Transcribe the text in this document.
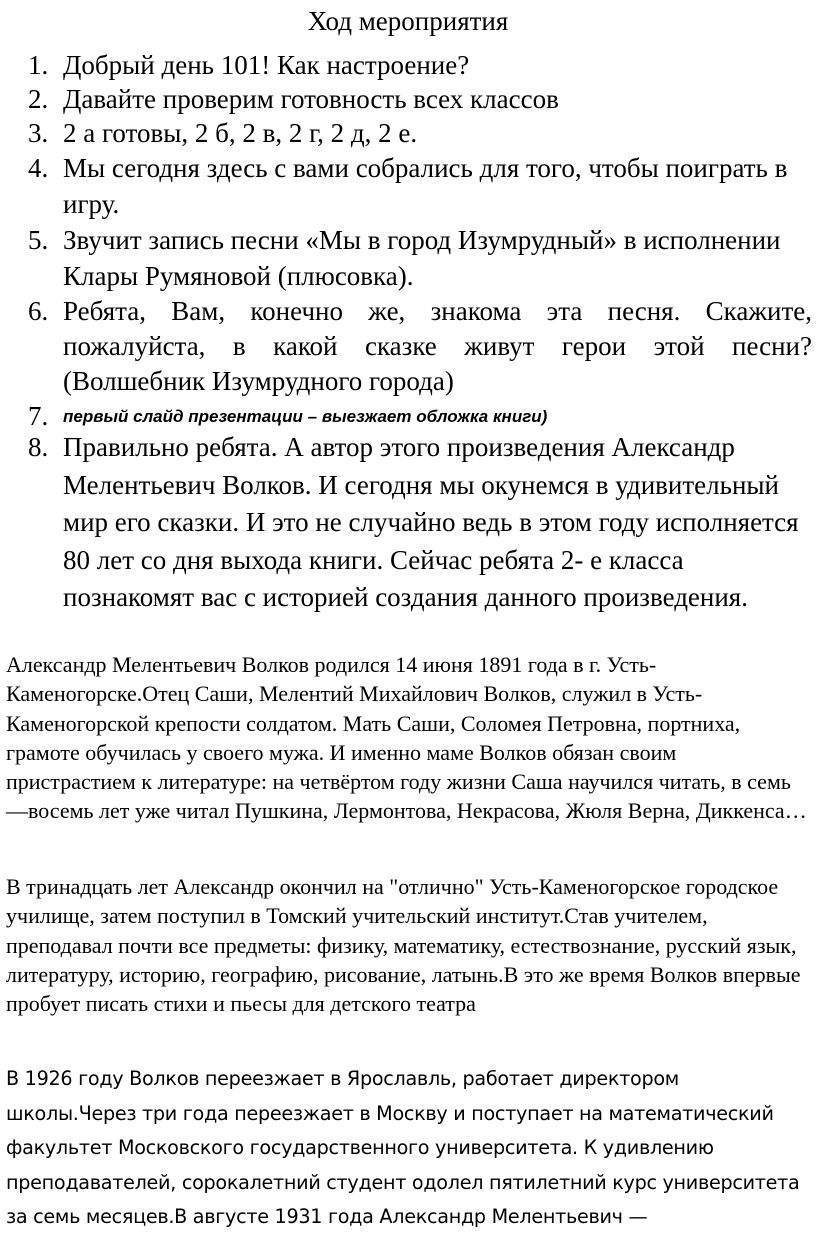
Ход мероприятия
1. Добрый день 101! Как настроение?
2. Давайте проверим готовность всех классов
3. 2 а готовы, 2 б, 2 в, 2 г, 2 д, 2 е.
4. Мы сегодня здесь с вами собрались для того, чтобы поиграть в игру.
5. Звучит запись песни «Мы в город Изумрудный» в исполнении Клары Румяновой (плюсовка).
6. Ребята, Вам, конечно же, знакома эта песня. Скажите, пожалуйста, в какой сказке живут герои этой песни? (Волшебник Изумрудного города)
7. первый слайд презентации – выезжает обложка книги)
8. Правильно ребята. А автор этого произведения Александр Мелентьевич Волков. И сегодня мы окунемся в удивительный мир его сказки. И это не случайно ведь в этом году исполняется 80 лет со дня выхода книги. Сейчас ребята 2- е класса познакомят вас с историей создания данного произведения.

Александр Мелентьевич Волков родился 14 июня 1891 года в г. Усть-Каменогорске.Отец Саши, Мелентий Михайлович Волков, служил в Усть-Каменогорской крепости солдатом. Мать Саши, Соломея Петровна, портниха, грамоте обучилась у своего мужа. И именно маме Волков обязан своим пристрастием к литературе: на четвёртом году жизни Саша научился читать, в семь—восемь лет уже читал Пушкина, Лермонтова, Некрасова, Жюля Верна, Диккенса…

В тринадцать лет Александр окончил на "отлично" Усть-Каменогорское городское училище, затем поступил в Томский учительский институт.Став учителем, преподавал почти все предметы: физику, математику, естествознание, русский язык, литературу, историю, географию, рисование, латынь.В это же время Волков впервые пробует писать стихи и пьесы для детского театра

В 1926 году Волков переезжает в Ярославль, работает директором школы.Через три года переезжает в Москву и поступает на математический факультет Московского государственного университета. К удивлению преподавателей, сорокалетний студент одолел пятилетний курс университета за семь месяцев.В августе 1931 года Александр Мелентьевич —
